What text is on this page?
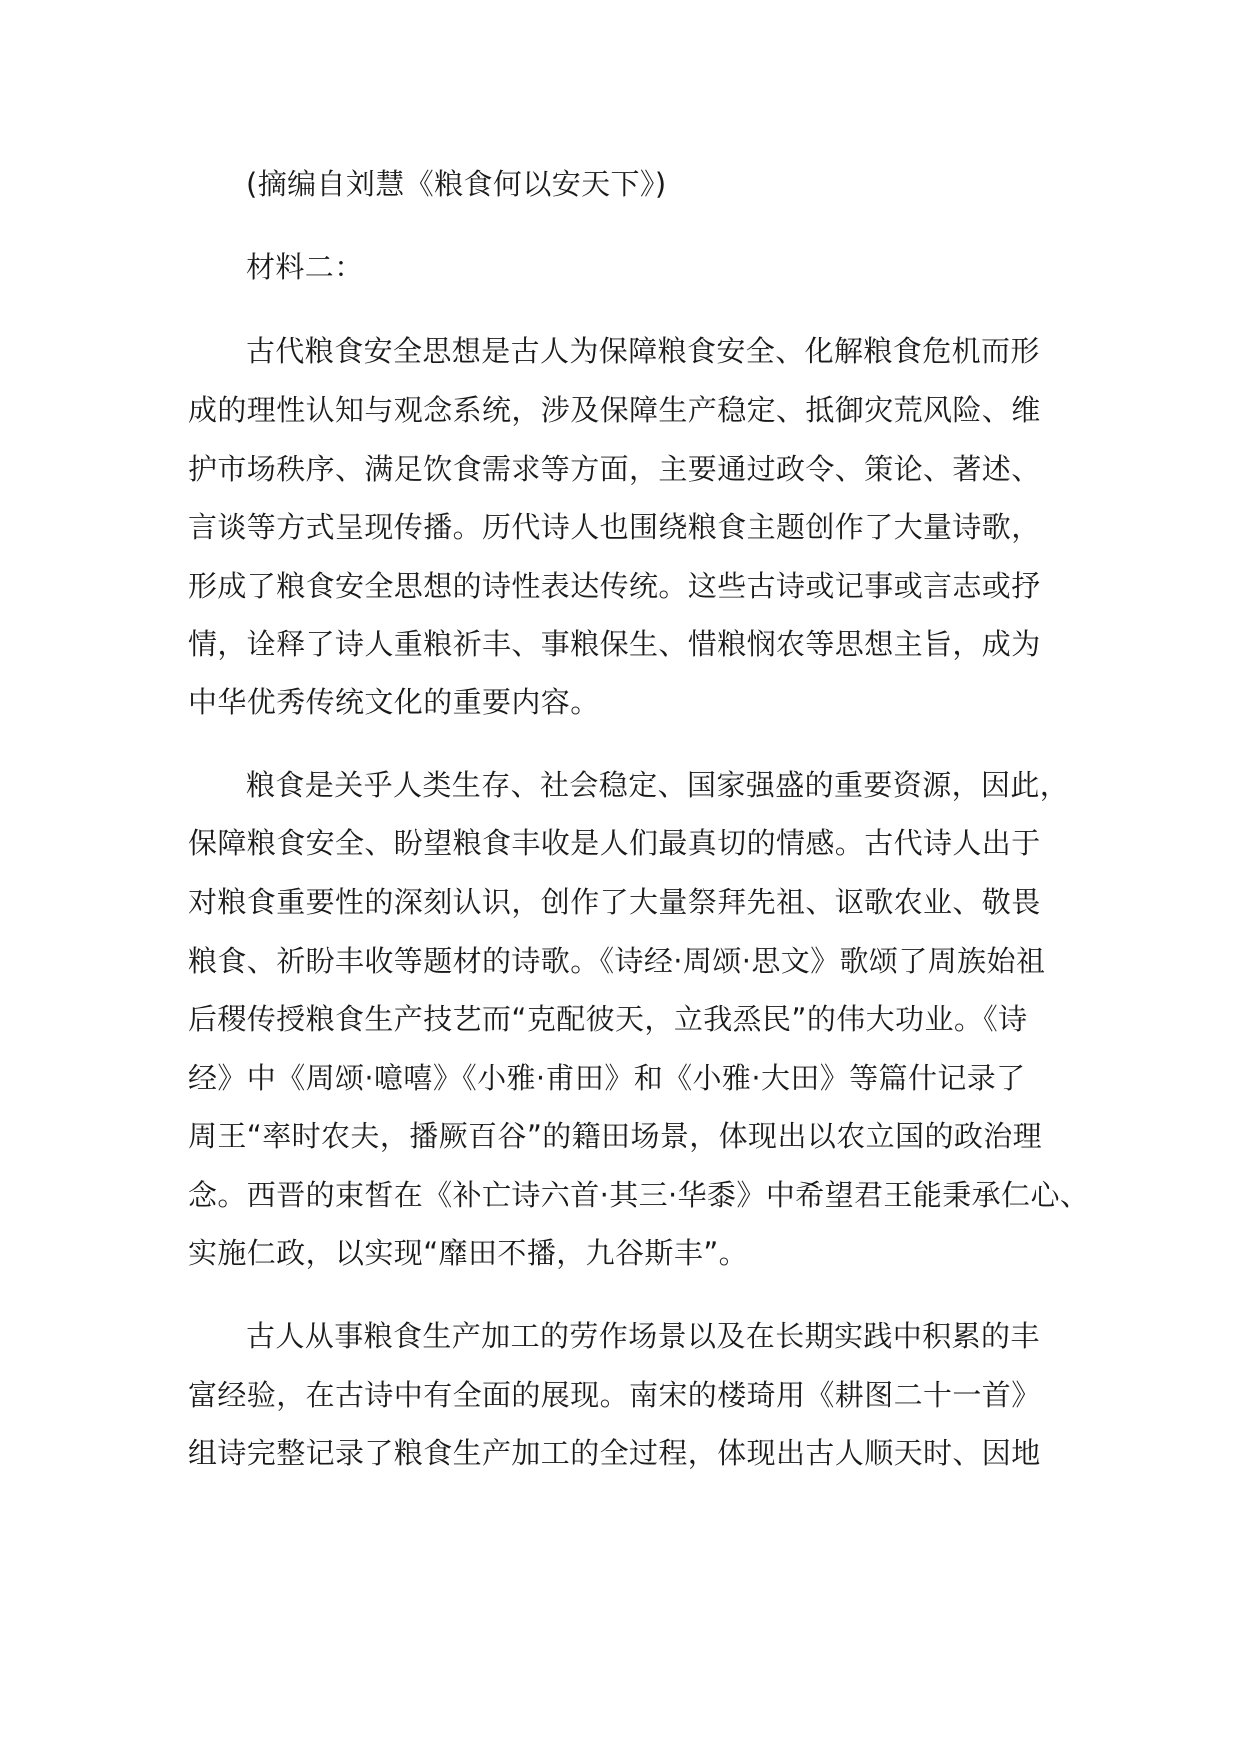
(摘编自刘慧《粮食何以安天下》)
材料二：
古代粮食安全思想是古人为保障粮食安全、化解粮食危机而形
成的理性认知与观念系统，涉及保障生产稳定、抵御灾荒风险、维
护市场秩序、满足饮食需求等方面，主要通过政令、策论、著述、
言谈等方式呈现传播。历代诗人也围绕粮食主题创作了大量诗歌，
形成了粮食安全思想的诗性表达传统。这些古诗或记事或言志或抒
情，诠释了诗人重粮祈丰、事粮保生、惜粮悯农等思想主旨，成为
中华优秀传统文化的重要内容。
粮食是关乎人类生存、社会稳定、国家强盛的重要资源，因此，
保障粮食安全、盼望粮食丰收是人们最真切的情感。古代诗人出于
对粮食重要性的深刻认识，创作了大量祭拜先祖、讴歌农业、敬畏
粮食、祈盼丰收等题材的诗歌。《诗经·周颂·思文》歌颂了周族始祖
后稷传授粮食生产技艺而“克配彼天，立我烝民”的伟大功业。《诗
经》中《周颂·噫嘻》《小雅·甫田》和《小雅·大田》等篇什记录了
周王“率时农夫，播厥百谷”的籍田场景，体现出以农立国的政治理
念。西晋的束皙在《补亡诗六首·其三·华黍》中希望君王能秉承仁心、
实施仁政，以实现“靡田不播，九谷斯丰”。
古人从事粮食生产加工的劳作场景以及在长期实践中积累的丰
富经验，在古诗中有全面的展现。南宋的楼琦用《耕图二十一首》
组诗完整记录了粮食生产加工的全过程，体现出古人顺天时、因地
